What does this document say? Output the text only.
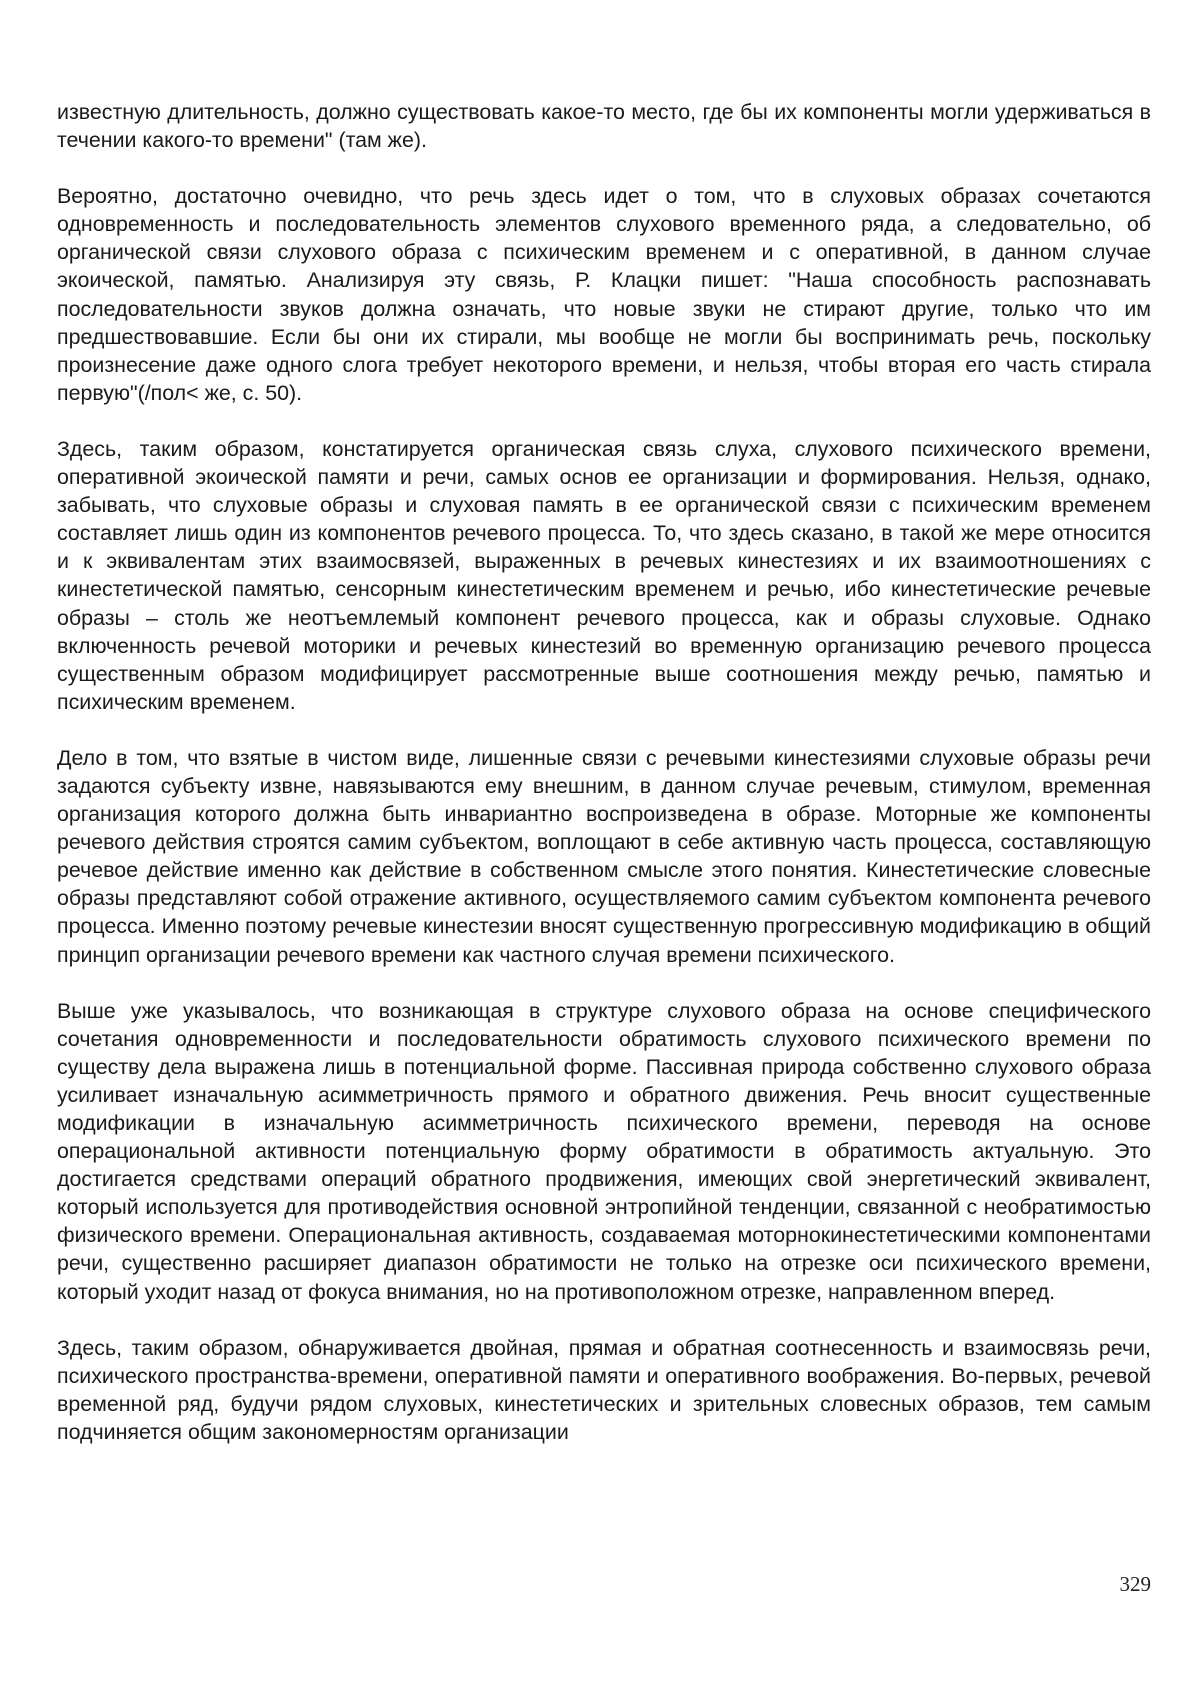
известную длительность, должно существовать какое-то место, где бы их компоненты могли удерживаться в течении какого-то времени" (там же).

Вероятно, достаточно очевидно, что речь здесь идет о том, что в слуховых образах сочетаются одновременность и последовательность элементов слухового временного ряда, а следовательно, об органической связи слухового образа с психическим временем и с оперативной, в данном случае экоической, памятью. Анализируя эту связь, Р. Клацки пишет: "Наша способность распознавать последовательности звуков должна означать, что новые звуки не стирают другие, только что им предшествовавшие. Если бы они их стирали, мы вообще не могли бы воспринимать речь, поскольку произнесение даже одного слога требует некоторого времени, и нельзя, чтобы вторая его часть стирала первую"(/пол< же, с. 50).

Здесь, таким образом, констатируется органическая связь слуха, слухового психического времени, оперативной экоической памяти и речи, самых основ ее организации и формирования. Нельзя, однако, забывать, что слуховые образы и слуховая память в ее органической связи с психическим временем составляет лишь один из компонентов речевого процесса. То, что здесь сказано, в такой же мере относится и к эквивалентам этих взаимосвязей, выраженных в речевых кинестезиях и их взаимоотношениях с кинестетической памятью, сенсорным кинестетическим временем и речью, ибо кинестетические речевые образы – столь же неотъемлемый компонент речевого процесса, как и образы слуховые. Однако включенность речевой моторики и речевых кинестезий во временную организацию речевого процесса существенным образом модифицирует рассмотренные выше соотношения между речью, памятью и психическим временем.

Дело в том, что взятые в чистом виде, лишенные связи с речевыми кинестезиями слуховые образы речи задаются субъекту извне, навязываются ему внешним, в данном случае речевым, стимулом, временная организация которого должна быть инвариантно воспроизведена в образе. Моторные же компоненты речевого действия строятся самим субъектом, воплощают в себе активную часть процесса, составляющую речевое действие именно как действие в собственном смысле этого понятия. Кинестетические словесные образы представляют собой отражение активного, осуществляемого самим субъектом компонента речевого процесса. Именно поэтому речевые кинестезии вносят существенную прогрессивную модификацию в общий принцип организации речевого времени как частного случая времени психического.

Выше уже указывалось, что возникающая в структуре слухового образа на основе специфического сочетания одновременности и последовательности обратимость слухового психического времени по существу дела выражена лишь в потенциальной форме. Пассивная природа собственно слухового образа усиливает изначальную асимметричность прямого и обратного движения. Речь вносит существенные модификации в изначальную асимметричность психического времени, переводя на основе операциональной активности потенциальную форму обратимости в обратимость актуальную. Это достигается средствами операций обратного продвижения, имеющих свой энергетический эквивалент, который используется для противодействия основной энтропийной тенденции, связанной с необратимостью физического времени. Операциональная активность, создаваемая моторнокинестетическими компонентами речи, существенно расширяет диапазон обратимости не только на отрезке оси психического времени, который уходит назад от фокуса внимания, но на противоположном отрезке, направленном вперед.

Здесь, таким образом, обнаруживается двойная, прямая и обратная соотнесенность и взаимосвязь речи, психического пространства-времени, оперативной памяти и оперативного воображения. Во-первых, речевой временной ряд, будучи рядом слуховых, кинестетических и зрительных словесных образов, тем самым подчиняется общим закономерностям организации

329
